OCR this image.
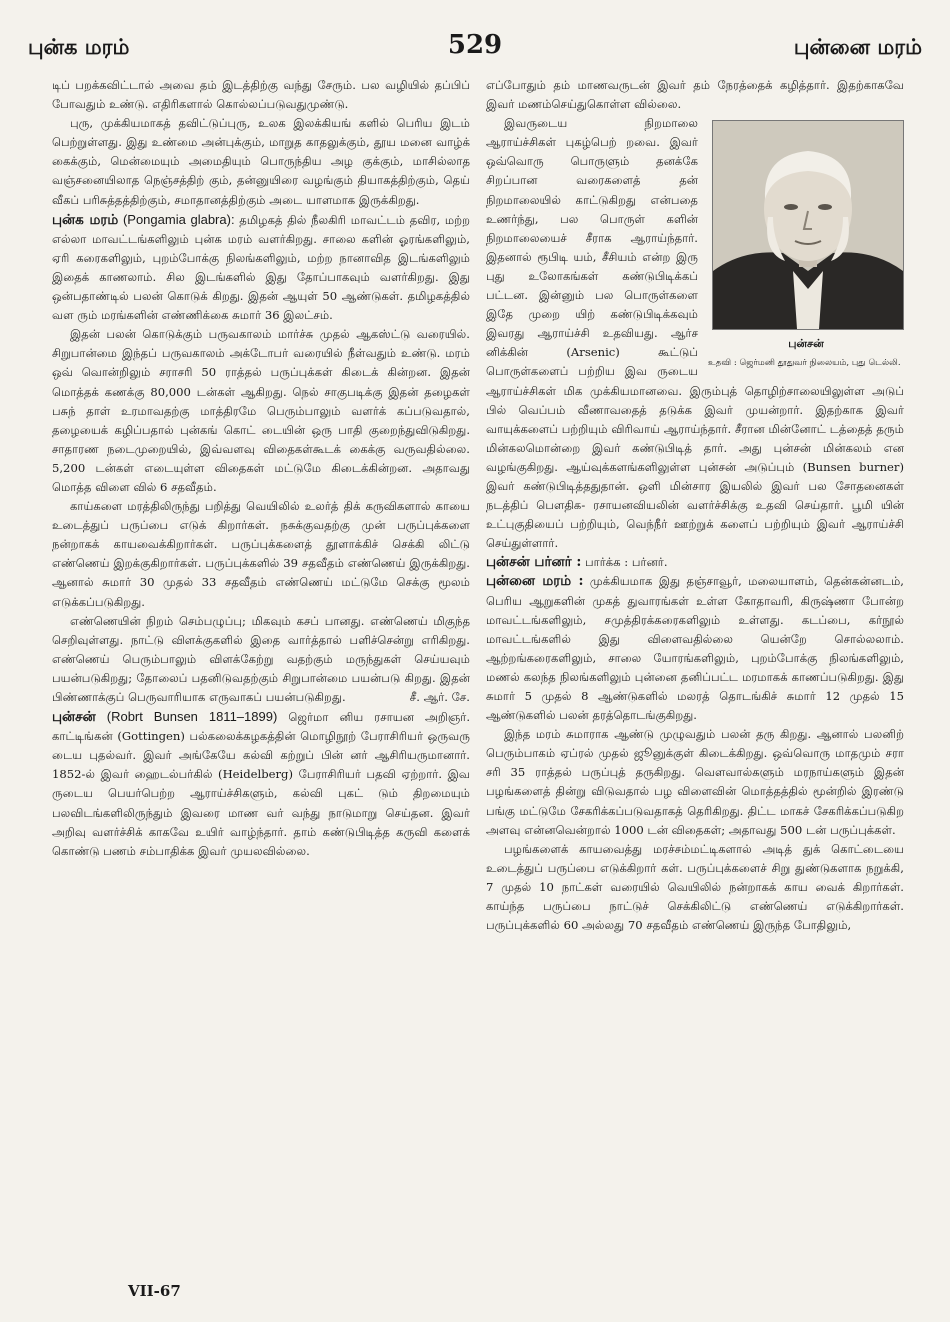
புன்க மரம்	529	புன்னை மரம்

டிப் பறக்கவிட்டால் அவை தம் இடத்திற்கு வந்து சேரும். பல வழியில் தப்பிப் போவதும் உண்டு. எதிரிகளால் கொல்லப்படுவதுமுண்டு.

புரு, முக்கியமாகத் தவிட்டுப்புரு, உலக இலக்கியங் களில் பெரிய இடம் பெற்றுள்ளது. இது உண்மை அன்புக்கும், மாறுத காதலுக்கும், தூய மனை வாழ்க் கைக்கும், மென்மையும் அமைதியும் பொருந்திய அழ குக்கும், மாசில்லாத வஞ்சனையிலாத நெஞ்சத்திற் கும், தன்னுயிரை வழங்கும் தியாகத்திற்கும், தெய் வீகப் பரிசுத்தத்திற்கும், சமாதானத்திற்கும் அடை யாளமாக இருக்கிறது.

புன்க மரம் (Pongamia glabra): தமிழகத் தில் நீலகிரி மாவட்டம் தவிர, மற்ற எல்லா மாவட்டங்களிலும் புன்க மரம் வளர்கிறது. சாலை களின் ஓரங்களிலும், ஏரி கரைகளிலும், புறம்போக்கு நிலங்களிலும், மற்ற நானாவித இடங்களிலும் இதைக் காணலாம். சில இடங்களில் இது தோப்பாகவும் வளர்கிறது. இது ஒன்பதாண்டில் பலன் கொடுக் கிறது. இதன் ஆயுள் 50 ஆண்டுகள். தமிழகத்தில் வள ரும் மரங்களின் எண்ணிக்கை சுமார் 36 இலட்சம்.

இதன் பலன் கொடுக்கும் பருவகாலம் மார்ச்சு முதல் ஆகஸ்ட்டு வரையில். சிறுபான்மை இந்தப் பருவகாலம் அக்டோபர் வரையில் நீள்வதும் உண்டு. மரம் ஒவ் வொன்றிலும் சராசரி 50 ராத்தல் பருப்புக்கள் கிடைக் கின்றன. இதன் மொத்தக் கணக்கு 80,000 டன்கள் ஆகிறது. நெல் சாகுபடிக்கு இதன் தழைகள் பசுந் தாள் உரமாவதற்கு மாத்திரமே பெரும்பாலும் வளர்க் கப்படுவதால், தழையைக் கழிப்பதால் புன்கங் கொட் டையின் ஒரு பாதி குறைந்துவிடுகிறது. சாதாரண நடைமுறையில், இவ்வளவு விதைகள்கூடக் கைக்கு வருவதில்லை. 5,200 டன்கள் எடையுள்ள விதைகள் மட்டுமே கிடைக்கின்றன. அதாவது மொத்த விளை வில் 6 சதவீதம்.

காய்களை மரத்திலிருந்து பறித்து வெயிலில் உலர்த் திக் கருவிகளால் காயை உடைத்துப் பருப்பை எடுக் கிறார்கள். நசுக்குவதற்கு முன் பருப்புக்களை நன்றாகக் காயவைக்கிறார்கள். பருப்புக்களைத் தூளாக்கிச் செக்கி லிட்டு எண்ணெய் இறக்குகிறார்கள். பருப்புக்களில் 39 சதவீதம் எண்ணெய் இருக்கிறது. ஆனால் சுமார் 30 முதல் 33 சதவீதம் எண்ணெய் மட்டுமே செக்கு மூலம் எடுக்கப்படுகிறது.

எண்ணெயின் நிறம் செம்பழுப்பு; மிகவும் கசப் பானது. எண்ணெய் மிகுந்த செறிவுள்ளது. நாட்டு விளக்குகளில் இதை வார்த்தால் பளிச்சென்று எரிகிறது. எண்ணெய் பெரும்பாலும் விளக்கேற்று வதற்கும் மருந்துகள் செய்யவும் பயன்படுகிறது; தோலைப் பதனிடுவதற்கும் சிறுபான்மை பயன்படு கிறது. இதன் பிண்ணாக்குப் பெருவாரியாக எருவாகப் பயன்படுகிறது.	சீ. ஆர். சே.

புன்சன் (Robrt Bunsen 1811–1899) ஜெர்மா னிய ரசாயன அறிஞர். காட்டிங்கன் (Gottingen) பல்கலைக்கழகத்தின் மொழிநூற் பேராசிரியர் ஒருவரு டைய புதல்வர். இவர் அங்கேயே கல்வி கற்றுப் பின் னர் ஆசிரியருமானார். 1852-ல் இவர் ஹைடல்பர்கில் (Heidelberg) பேராசிரியர் பதவி ஏற்றார். இவ ருடைய பெயர்பெற்ற ஆராய்ச்சிகளும், கல்வி புகட் டும் திறமையும் பலவிடங்களிலிருந்தும் இவரை மாண வர் வந்து நாடுமாறு செய்தன. இவர் அறிவு வளர்ச்சிக் காகவே உயிர் வாழ்ந்தார். தாம் கண்டுபிடித்த கருவி களைக் கொண்டு பணம் சம்பாதிக்க இவர் முயலவில்லை.

எப்போதும் தம் மாணவருடன் இவர் தம் நேரத்தைக் கழித்தார். இதற்காகவே இவர் மணம்செய்துகொள்ள வில்லை.

புன்சன்
உதவி : ஜெர்மனி தூதுவர் நிலையம், புது டெல்லி.

இவருடைய நிறமாலை ஆராய்ச்சிகள் புகழ்பெற் றவை. இவர் ஒவ்வொரு பொருளும் தனக்கே சிறப்பான வரைகளைத் தன் நிறமாலையில் காட்டுகிறது என்பதை உணர்ந்து, பல பொருள் களின் நிறமாலையைச் சீராக ஆராய்ந்தார். இதனால் ரூபிடி யம், சீசியம் என்ற இரு புது உலோகங்கள் கண்டுபிடிக்கப் பட்டன. இன்னும் பல பொருள்களை இதே முறை யிற் கண்டுபிடிக்கவும் இவரது ஆராய்ச்சி உதவியது. ஆர்ச னிக்கின் (Arsenic) கூட்டுப் பொருள்களைப் பற்றிய இவ ருடைய ஆராய்ச்சிகள் மிக முக்கியமானவை. இரும்புத் தொழிற்சாலையிலுள்ள அடுப் பில் வெப்பம் வீணாவதைத் தடுக்க இவர் முயன்றார். இதற்காக இவர் வாயுக்களைப் பற்றியும் விரிவாய் ஆராய்ந்தார். சீரான மின்னோட் டத்தைத் தரும் மின்கலமொன்றை இவர் கண்டுபிடித் தார். அது புன்சன் மின்கலம் என வழங்குகிறது. ஆய்வுக்களங்களிலுள்ள புன்சன் அடுப்பும் (Bunsen burner) இவர் கண்டுபிடித்ததுதான். ஒளி மின்சார இயலில் இவர் பல சோதனைகள் நடத்திப் பௌதிக- ரசாயனவியலின் வளர்ச்சிக்கு உதவி செய்தார். பூமி யின் உட்புகுதியைப் பற்றியும், வெந்நீர் ஊற்றுக் களைப் பற்றியும் இவர் ஆராய்ச்சி செய்துள்ளார்.

புன்சன் பர்னர் : பார்க்க : பர்னர்.

புன்னை மரம் : முக்கியமாக இது தஞ்சாவூர், மலையாளம், தென்கன்னடம், பெரிய ஆறுகளின் முகத் துவாரங்கள் உள்ள கோதாவரி, கிருஷ்ணா போன்ற மாவட்டங்களிலும், சமுத்திரக்கரைகளிலும் உள்ளது. கடப்பை, கர்நூல் மாவட்டங்களில் இது விளைவதில்லை யென்றே சொல்லலாம். ஆற்றங்கரைகளிலும், சாலை யோரங்களிலும், புறம்போக்கு நிலங்களிலும், மணல் கலந்த நிலங்களிலும் புன்னை தனிப்பட்ட மரமாகக் காணப்படுகிறது. இது சுமார் 5 முதல் 8 ஆண்டுகளில் மலரத் தொடங்கிச் சுமார் 12 முதல் 15 ஆண்டுகளில் பலன் தரத்தொடங்குகிறது.

இந்த மரம் சுமாராக ஆண்டு முழுவதும் பலன் தரு கிறது. ஆனால் பலனிற் பெரும்பாகம் ஏப்ரல் முதல் ஜூனுக்குள் கிடைக்கிறது. ஒவ்வொரு மாதமும் சரா சரி 35 ராத்தல் பருப்புத் தருகிறது. வௌவால்களும் மரநாய்களும் இதன் பழங்களைத் தின்று விடுவதால் பழ விளைவின் மொத்தத்தில் மூன்றில் இரண்டு பங்கு மட்டுமே சேகரிக்கப்படுவதாகத் தெரிகிறது. திட்ட மாகச் சேகரிக்கப்படுகிற அளவு என்னவென்றால் 1000 டன் விதைகள்; அதாவது 500 டன் பருப்புக்கள்.

பழங்களைக் காயவைத்து மரச்சம்மட்டிகளால் அடித் துக் கொட்டையை உடைத்துப் பருப்பை எடுக்கிறார் கள். பருப்புக்களைச் சிறு துண்டுகளாக நறுக்கி, 7 முதல் 10 நாட்கள் வரையில் வெயிலில் நன்றாகக் காய வைக் கிறார்கள். காய்ந்த பருப்பை நாட்டுச் செக்கிலிட்டு எண்ணெய் எடுக்கிறார்கள். பருப்புக்களில் 60 அல்லது 70 சதவீதம் எண்ணெய் இருந்த போதிலும்,

VII-67
